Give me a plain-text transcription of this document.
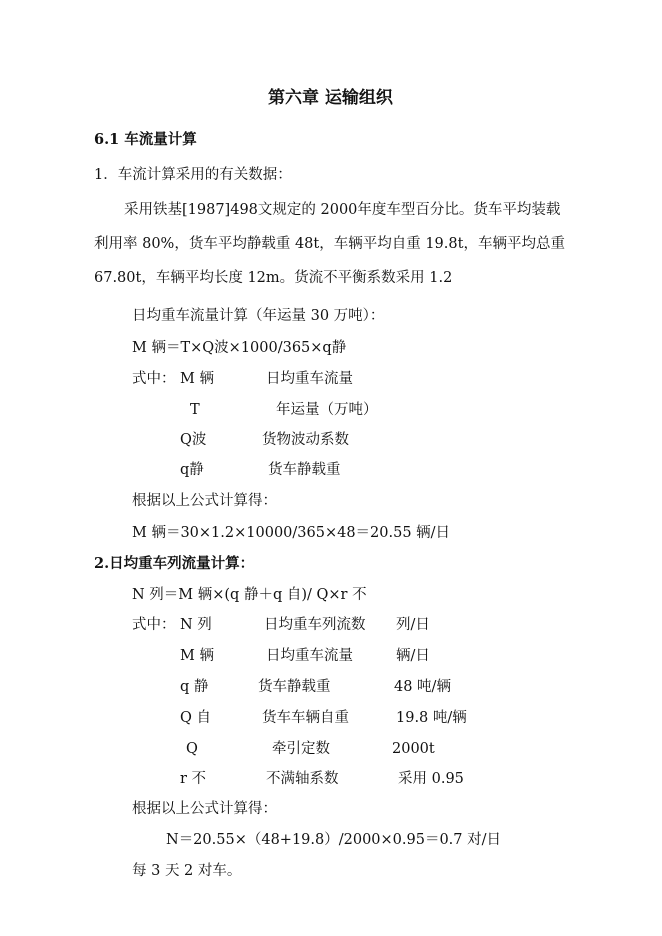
第六章 运输组织
6.1 车流量计算
1．车流计算采用的有关数据：
采用铁基[1987]498文规定的 2000年度车型百分比。货车平均装载
利用率 80%，货车平均静载重 48t，车辆平均自重 19.8t，车辆平均总重
67.80t，车辆平均长度 12m。货流不平衡系数采用 1.2
日均重车流量计算（年运量 30 万吨）：
M 辆＝T×Q波×1000/365×q静
式中： M 辆	日均重车流量
T	年运量（万吨）
Q波	货物波动系数
q静	货车静载重
根据以上公式计算得：
M 辆＝30×1.2×10000/365×48＝20.55 辆/日
2.日均重车列流量计算：
N 列＝M 辆×(q 静＋q 自)/ Q×r 不
式中： N 列	日均重车列流数 列/日
M 辆	日均重车流量	辆/日
q 静	货车静载重	48 吨/辆
Q 自	货车车辆自重	19.8 吨/辆
Q	牵引定数	2000t
r 不	不满轴系数	采用 0.95
根据以上公式计算得：
N＝20.55×（48+19.8）/2000×0.95＝0.7 对/日
每 3 天 2 对车。
